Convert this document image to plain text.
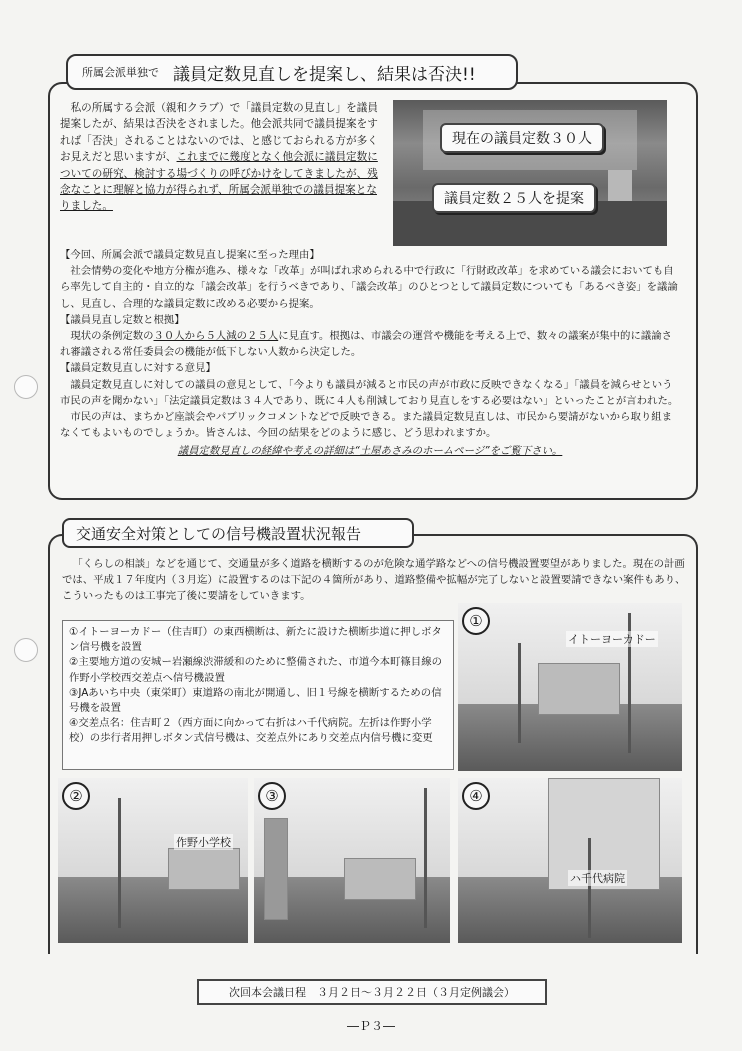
所属会派単独で 議員定数見直しを提案し、結果は否決!!
現在の議員定数３０人
議員定数２５人を提案

私の所属する会派（親和クラブ）で「議員定数の見直し」を議員提案したが、結果は否決をされました。他会派共同で議員提案をすれば「否決」されることはないのでは、と感じておられる方が多くお見えだと思いますが、これまでに幾度となく他会派に議員定数についての研究、検討する場づくりの呼びかけをしてきましたが、残念なことに理解と協力が得られず、所属会派単独での議員提案となりました。

【今回、所属会派で議員定数見直し提案に至った理由】

社会情勢の変化や地方分権が進み、様々な「改革」が叫ばれ求められる中で行政に「行財政改革」を求めている議会においても自ら率先して自主的・自立的な「議会改革」を行うべきであり、「議会改革」のひとつとして議員定数についても「あるべき姿」を議論し、見直し、合理的な議員定数に改める必要から提案。

【議員見直し定数と根拠】

現状の条例定数の３０人から５人減の２５人に見直す。根拠は、市議会の運営や機能を考える上で、数々の議案が集中的に議論され審議される常任委員会の機能が低下しない人数から決定した。

【議員定数見直しに対する意見】

議員定数見直しに対しての議員の意見として、「今よりも議員が減ると市民の声が市政に反映できなくなる」「議員を減らせという市民の声を聞かない」「法定議員定数は３４人であり、既に４人も削減しており見直しをする必要はない」といったことが言われた。

市民の声は、まちかど座談会やパブリックコメントなどで反映できる。また議員定数見直しは、市民から要請がないから取り組まなくてもよいものでしょうか。皆さんは、今回の結果をどのように感じ、どう思われますか。

議員定数見直しの経緯や考えの詳細は“土屋あさみのホームページ”をご覧下さい。
交通安全対策としての信号機設置状況報告

「くらしの相談」などを通じて、交通量が多く道路を横断するのが危険な通学路などへの信号機設置要望がありました。現在の計画では、平成１７年度内（３月迄）に設置するのは下記の４箇所があり、道路整備や拡幅が完了しないと設置要請できない案件もあり、こういったものは工事完了後に要請をしていきます。

①イトーヨーカドー（住吉町）の東西横断は、新たに設けた横断歩道に押しボタン信号機を設置
②主要地方道の安城ー岩瀬線渋滞緩和のために整備された、市道今本町篠目線の作野小学校西交差点へ信号機設置
③JAあいち中央（東栄町）東道路の南北が開通し、旧１号線を横断するための信号機を設置
④交差点名：住吉町２（西方面に向かって右折はハ千代病院。左折は作野小学校）の歩行者用押しボタン式信号機は、交差点外にあり交差点内信号機に変更
①
イトーヨーカドー
②
作野小学校
③	④
ハ千代病院
次回本会議日程　３月２日〜３月２２日（３月定例議会）
―Ｐ３―
